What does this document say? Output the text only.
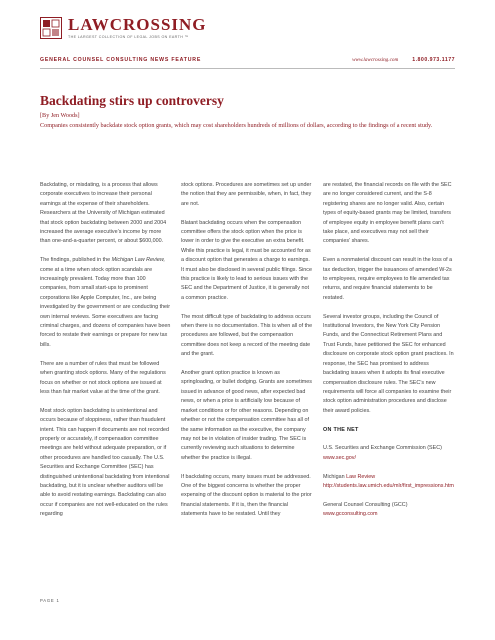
LAWCROSSING
THE LARGEST COLLECTION OF LEGAL JOBS ON EARTH ™
GENERAL COUNSEL CONSULTING NEWS FEATURE	www.lawcrossing.com	1.800.973.1177
Backdating stirs up controversy
[By Jen Woods]
Companies consistently backdate stock option grants, which may cost shareholders hundreds of millions of dollars, according to the findings of a recent study.

Backdating, or misdating, is a process that allows corporate executives to increase their personal earnings at the expense of their shareholders. Researchers at the University of Michigan estimated that stock option backdating between 2000 and 2004 increased the average executive’s income by more than one-and-a-quarter percent, or about $600,000.

The findings, published in the Michigan Law Review, come at a time when stock option scandals are increasingly prevalent. Today more than 100 companies, from small start-ups to prominent corporations like Apple Computer, Inc., are being investigated by the government or are conducting their own internal reviews. Some executives are facing criminal charges, and dozens of companies have been forced to restate their earnings or prepare for new tax bills.

There are a number of rules that must be followed when granting stock options. Many of the regulations focus on whether or not stock options are issued at less than fair market value at the time of the grant.

Most stock option backdating is unintentional and occurs because of sloppiness, rather than fraudulent intent. This can happen if documents are not recorded properly or accurately, if compensation committee meetings are held without adequate preparation, or if other procedures are handled too casually. The U.S. Securities and Exchange Committee (SEC) has distinguished unintentional backdating from intentional backdating, but it is unclear whether auditors will be able to avoid restating earnings. Backdating can also occur if companies are not well-educated on the rules regarding

stock options. Procedures are sometimes set up under the notion that they are permissible, when, in fact, they are not.

Blatant backdating occurs when the compensation committee offers the stock option when the price is lower in order to give the executive an extra benefit. While this practice is legal, it must be accounted for as a discount option that generates a charge to earnings. It must also be disclosed in several public filings. Since this practice is likely to lead to serious issues with the SEC and the Department of Justice, it is generally not a common practice.

The most difficult type of backdating to address occurs when there is no documentation. This is when all of the procedures are followed, but the compensation committee does not keep a record of the meeting date and the grant.

Another grant option practice is known as springloading, or bullet dodging. Grants are sometimes issued in advance of good news, after expected bad news, or when a price is artificially low because of market conditions or for other reasons. Depending on whether or not the compensation committee has all of the same information as the executive, the company may not be in violation of insider trading. The SEC is currently reviewing such situations to determine whether the practice is illegal.

If backdating occurs, many issues must be addressed. One of the biggest concerns is whether the proper expensing of the discount option is material to the prior financial statements. If it is, then the financial statements have to be restated. Until they

are restated, the financial records on file with the SEC are no longer considered current, and the S-8 registering shares are no longer valid. Also, certain types of equity-based grants may be limited, transfers of employee equity in employee benefit plans can’t take place, and executives may not sell their companies’ shares.

Even a nonmaterial discount can result in the loss of a tax deduction, trigger the issuances of amended W-2s to employees, require employees to file amended tax returns, and require financial statements to be restated.

Several investor groups, including the Council of Institutional Investors, the New York City Pension Funds, and the Connecticut Retirement Plans and Trust Funds, have petitioned the SEC for enhanced disclosure on corporate stock option grant practices. In response, the SEC has promised to address backdating issues when it adopts its final executive compensation disclosure rules. The SEC’s new requirements will force all companies to examine their stock option administration procedures and disclose their award policies.

ON THE NET

U.S. Securities and Exchange Commission (SEC)
www.sec.gov/
Michigan Law Review
http://students.law.umich.edu/mlr/first_impressions.htm
General Counsel Consulting (GCC)
www.gcconsulting.com
PAGE 1
